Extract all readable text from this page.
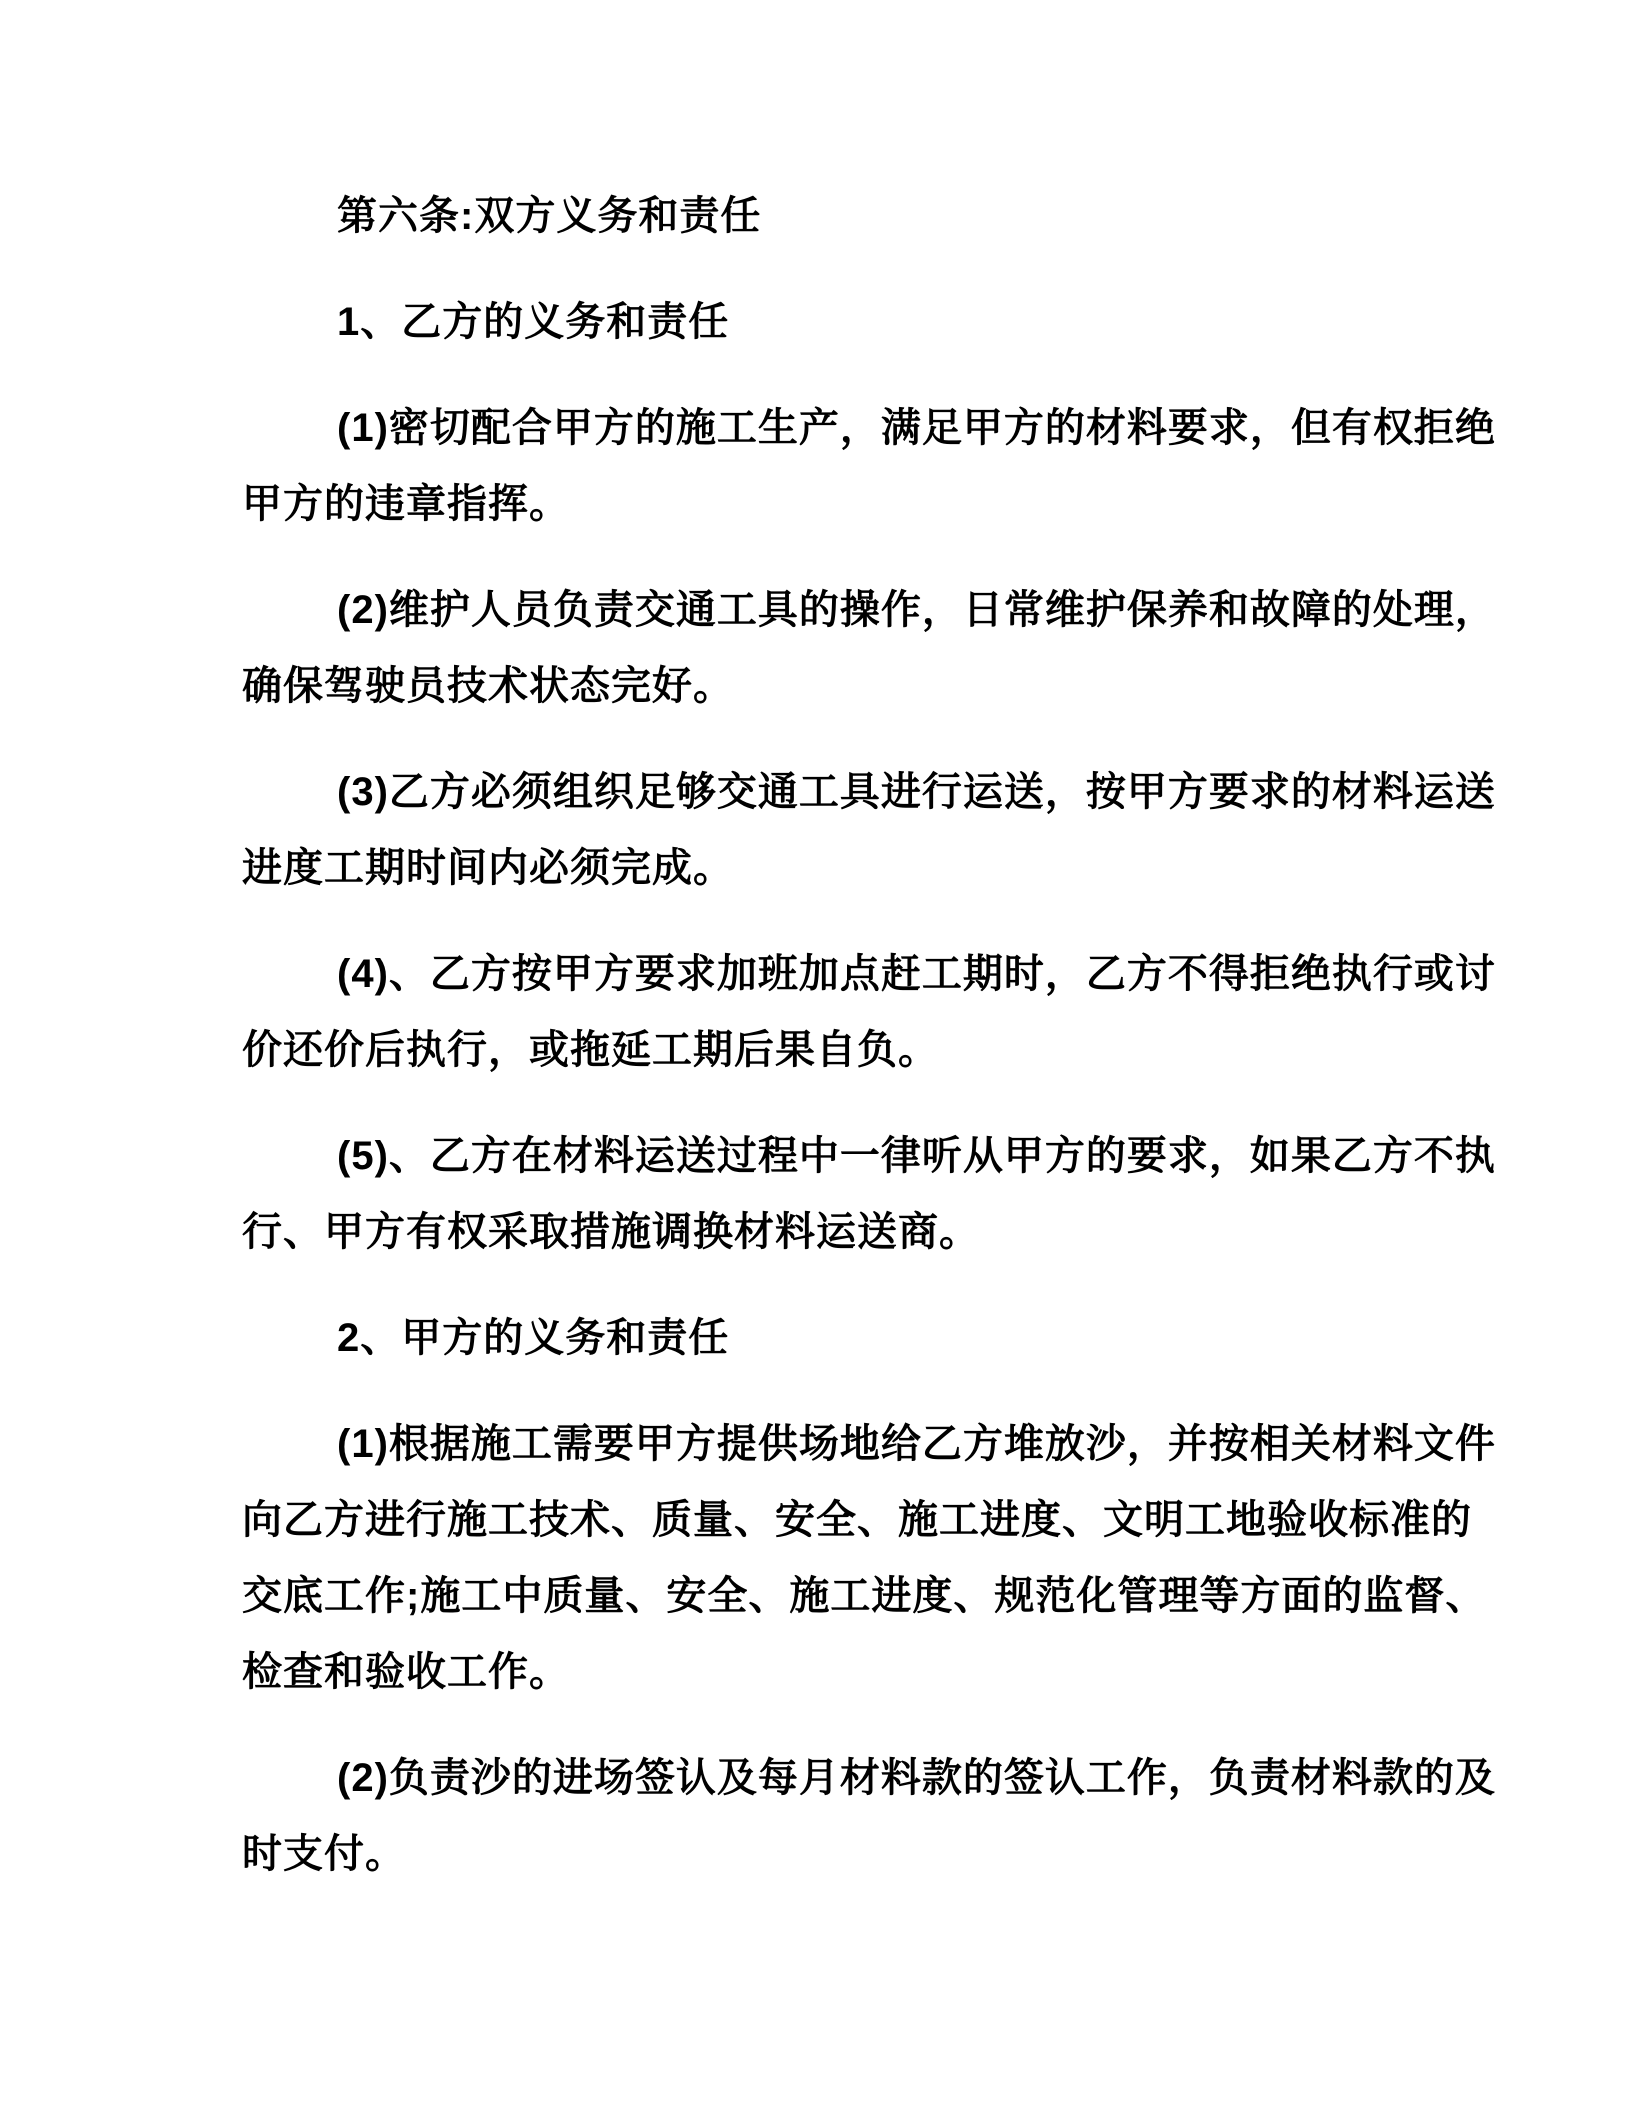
第六条:双方义务和责任
1、乙方的义务和责任
(1)密切配合甲方的施工生产，满足甲方的材料要求，但有权拒绝
甲方的违章指挥。
(2)维护人员负责交通工具的操作，日常维护保养和故障的处理，
确保驾驶员技术状态完好。
(3)乙方必须组织足够交通工具进行运送，按甲方要求的材料运送
进度工期时间内必须完成。
(4)、乙方按甲方要求加班加点赶工期时，乙方不得拒绝执行或讨
价还价后执行，或拖延工期后果自负。
(5)、乙方在材料运送过程中一律听从甲方的要求，如果乙方不执
行、甲方有权采取措施调换材料运送商。
2、甲方的义务和责任
(1)根据施工需要甲方提供场地给乙方堆放沙，并按相关材料文件
向乙方进行施工技术、质量、安全、施工进度、文明工地验收标准的
交底工作;施工中质量、安全、施工进度、规范化管理等方面的监督、
检查和验收工作。
(2)负责沙的进场签认及每月材料款的签认工作，负责材料款的及
时支付。
